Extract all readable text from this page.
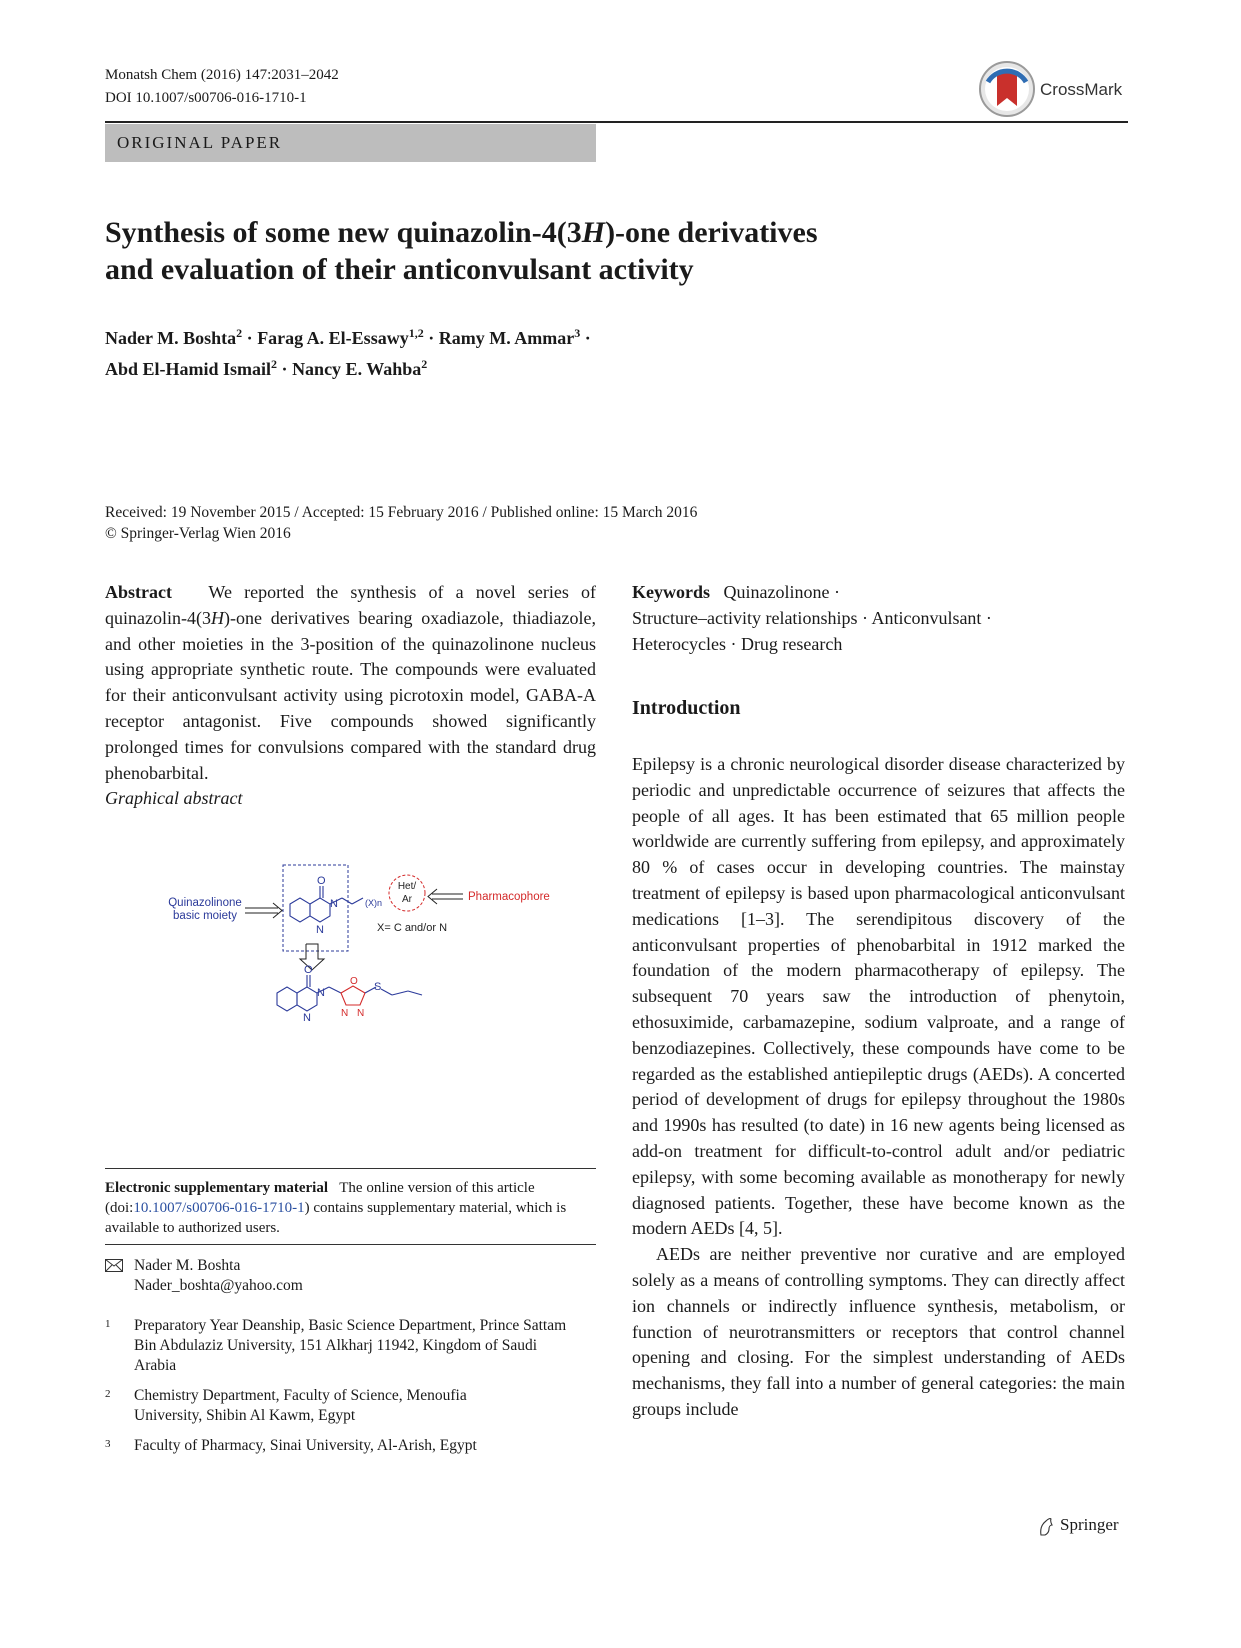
Monatsh Chem (2016) 147:2031–2042
DOI 10.1007/s00706-016-1710-1	CrossMark
ORIGINAL PAPER
Synthesis of some new quinazolin-4(3H)-one derivatives
and evaluation of their anticonvulsant activity
Nader M. Boshta$^2$ · Farag A. El-Essawy$^{1,2}$ · Ramy M. Ammar$^3$ ·
Abd El-Hamid Ismail$^2$ · Nancy E. Wahba$^2$
Received: 19 November 2015 / Accepted: 15 February 2016 / Published online: 15 March 2016
© Springer-Verlag Wien 2016

Abstract We reported the synthesis of a novel series of quinazolin-4(3H)-one derivatives bearing oxadiazole, thiadiazole, and other moieties in the 3-position of the quinazolinone nucleus using appropriate synthetic route. The compounds were evaluated for their anticonvulsant activity using picrotoxin model, GABA-A receptor antagonist. Five compounds showed significantly prolonged times for convulsions compared with the standard drug phenobarbital.

Graphical abstract

Quinazolinone
basic moiety
O
N
N
(X)n
Het/
Ar	Pharmacophore
X= C and/or N
O
N
N
O
N N
S
Electronic supplementary material The online version of this article (doi:10.1007/s00706-016-1710-1) contains supplementary material, which is available to authorized users.
Nader M. Boshta
Nader_boshta@yahoo.com
1 Preparatory Year Deanship, Basic Science Department, Prince Sattam Bin Abdulaziz University, 151 Alkharj 11942, Kingdom of Saudi Arabia
2 Chemistry Department, Faculty of Science, Menoufia University, Shibin Al Kawm, Egypt
3 Faculty of Pharmacy, Sinai University, Al-Arish, Egypt
Keywords Quinazolinone ·
Structure–activity relationships · Anticonvulsant ·
Heterocycles · Drug research
Introduction

Epilepsy is a chronic neurological disorder disease characterized by periodic and unpredictable occurrence of seizures that affects the people of all ages. It has been estimated that 65 million people worldwide are currently suffering from epilepsy, and approximately 80 % of cases occur in developing countries. The mainstay treatment of epilepsy is based upon pharmacological anticonvulsant medications [1–3]. The serendipitous discovery of the anticonvulsant properties of phenobarbital in 1912 marked the foundation of the modern pharmacotherapy of epilepsy. The subsequent 70 years saw the introduction of phenytoin, ethosuximide, carbamazepine, sodium valproate, and a range of benzodiazepines. Collectively, these compounds have come to be regarded as the established antiepileptic drugs (AEDs). A concerted period of development of drugs for epilepsy throughout the 1980s and 1990s has resulted (to date) in 16 new agents being licensed as add-on treatment for difficult-to-control adult and/or pediatric epilepsy, with some becoming available as monotherapy for newly diagnosed patients. Together, these have become known as the modern AEDs [4, 5].

AEDs are neither preventive nor curative and are employed solely as a means of controlling symptoms. They can directly affect ion channels or indirectly influence synthesis, metabolism, or function of neurotransmitters or receptors that control channel opening and closing. For the simplest understanding of AEDs mechanisms, they fall into a number of general categories: the main groups include

Springer
